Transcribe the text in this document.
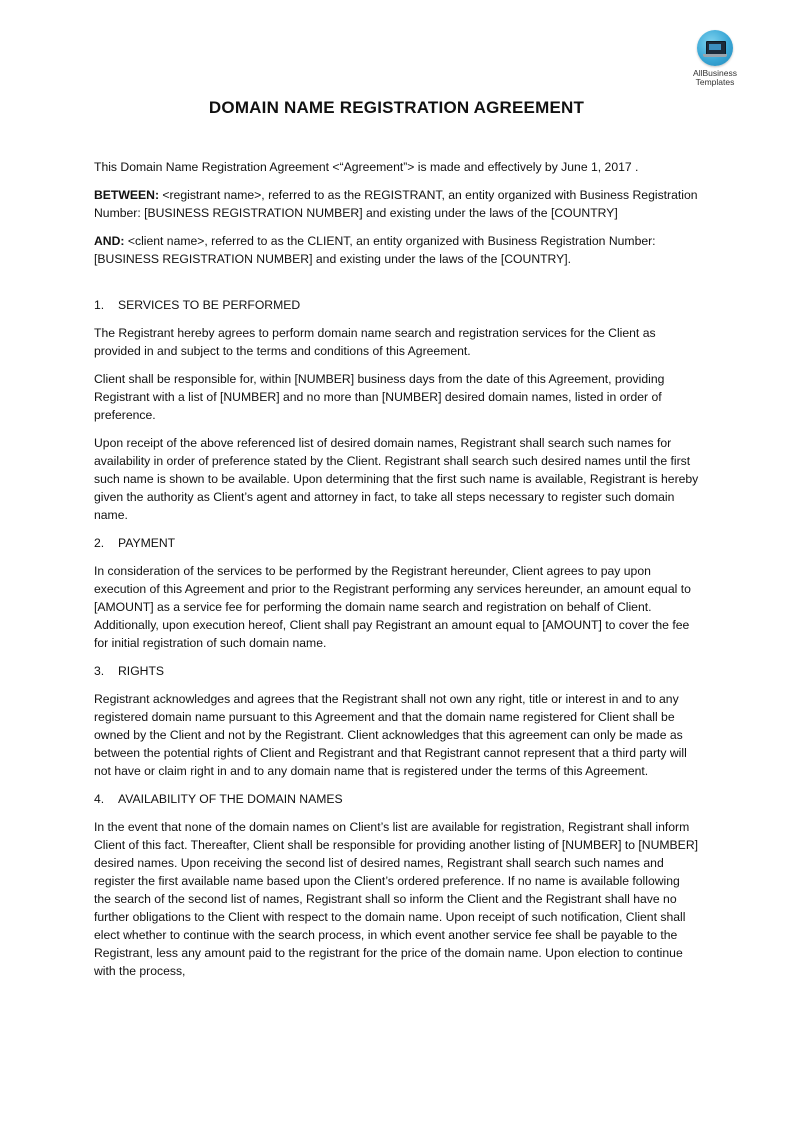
AllBusiness
Templates
DOMAIN NAME REGISTRATION AGREEMENT

This Domain Name Registration Agreement <“Agreement”> is made and effectively by June 1, 2017 .

BETWEEN: <registrant name>, referred to as the REGISTRANT, an entity organized with Business Registration Number: [BUSINESS REGISTRATION NUMBER] and existing under the laws of the [COUNTRY]

AND: <client name>, referred to as the CLIENT, an entity organized with Business Registration Number: [BUSINESS REGISTRATION NUMBER] and existing under the laws of the [COUNTRY].

1.	SERVICES TO BE PERFORMED

The Registrant hereby agrees to perform domain name search and registration services for the Client as provided in and subject to the terms and conditions of this Agreement.

Client shall be responsible for, within [NUMBER] business days from the date of this Agreement, providing Registrant with a list of [NUMBER] and no more than [NUMBER] desired domain names, listed in order of preference.

Upon receipt of the above referenced list of desired domain names, Registrant shall search such names for availability in order of preference stated by the Client. Registrant shall search such desired names until the first such name is shown to be available. Upon determining that the first such name is available, Registrant is hereby given the authority as Client’s agent and attorney in fact, to take all steps necessary to register such domain name.

2.	PAYMENT

In consideration of the services to be performed by the Registrant hereunder, Client agrees to pay upon execution of this Agreement and prior to the Registrant performing any services hereunder, an amount equal to [AMOUNT] as a service fee for performing the domain name search and registration on behalf of Client. Additionally, upon execution hereof, Client shall pay Registrant an amount equal to [AMOUNT] to cover the fee for initial registration of such domain name.

3.	RIGHTS

Registrant acknowledges and agrees that the Registrant shall not own any right, title or interest in and to any registered domain name pursuant to this Agreement and that the domain name registered for Client shall be owned by the Client and not by the Registrant. Client acknowledges that this agreement can only be made as between the potential rights of Client and Registrant and that Registrant cannot represent that a third party will not have or claim right in and to any domain name that is registered under the terms of this Agreement.

4.	AVAILABILITY OF THE DOMAIN NAMES

In the event that none of the domain names on Client’s list are available for registration, Registrant shall inform Client of this fact. Thereafter, Client shall be responsible for providing another listing of [NUMBER] to [NUMBER] desired names. Upon receiving the second list of desired names, Registrant shall search such names and register the first available name based upon the Client’s ordered preference. If no name is available following the search of the second list of names, Registrant shall so inform the Client and the Registrant shall have no further obligations to the Client with respect to the domain name. Upon receipt of such notification, Client shall elect whether to continue with the search process, in which event another service fee shall be payable to the Registrant, less any amount paid to the registrant for the price of the domain name. Upon election to continue with the process,
